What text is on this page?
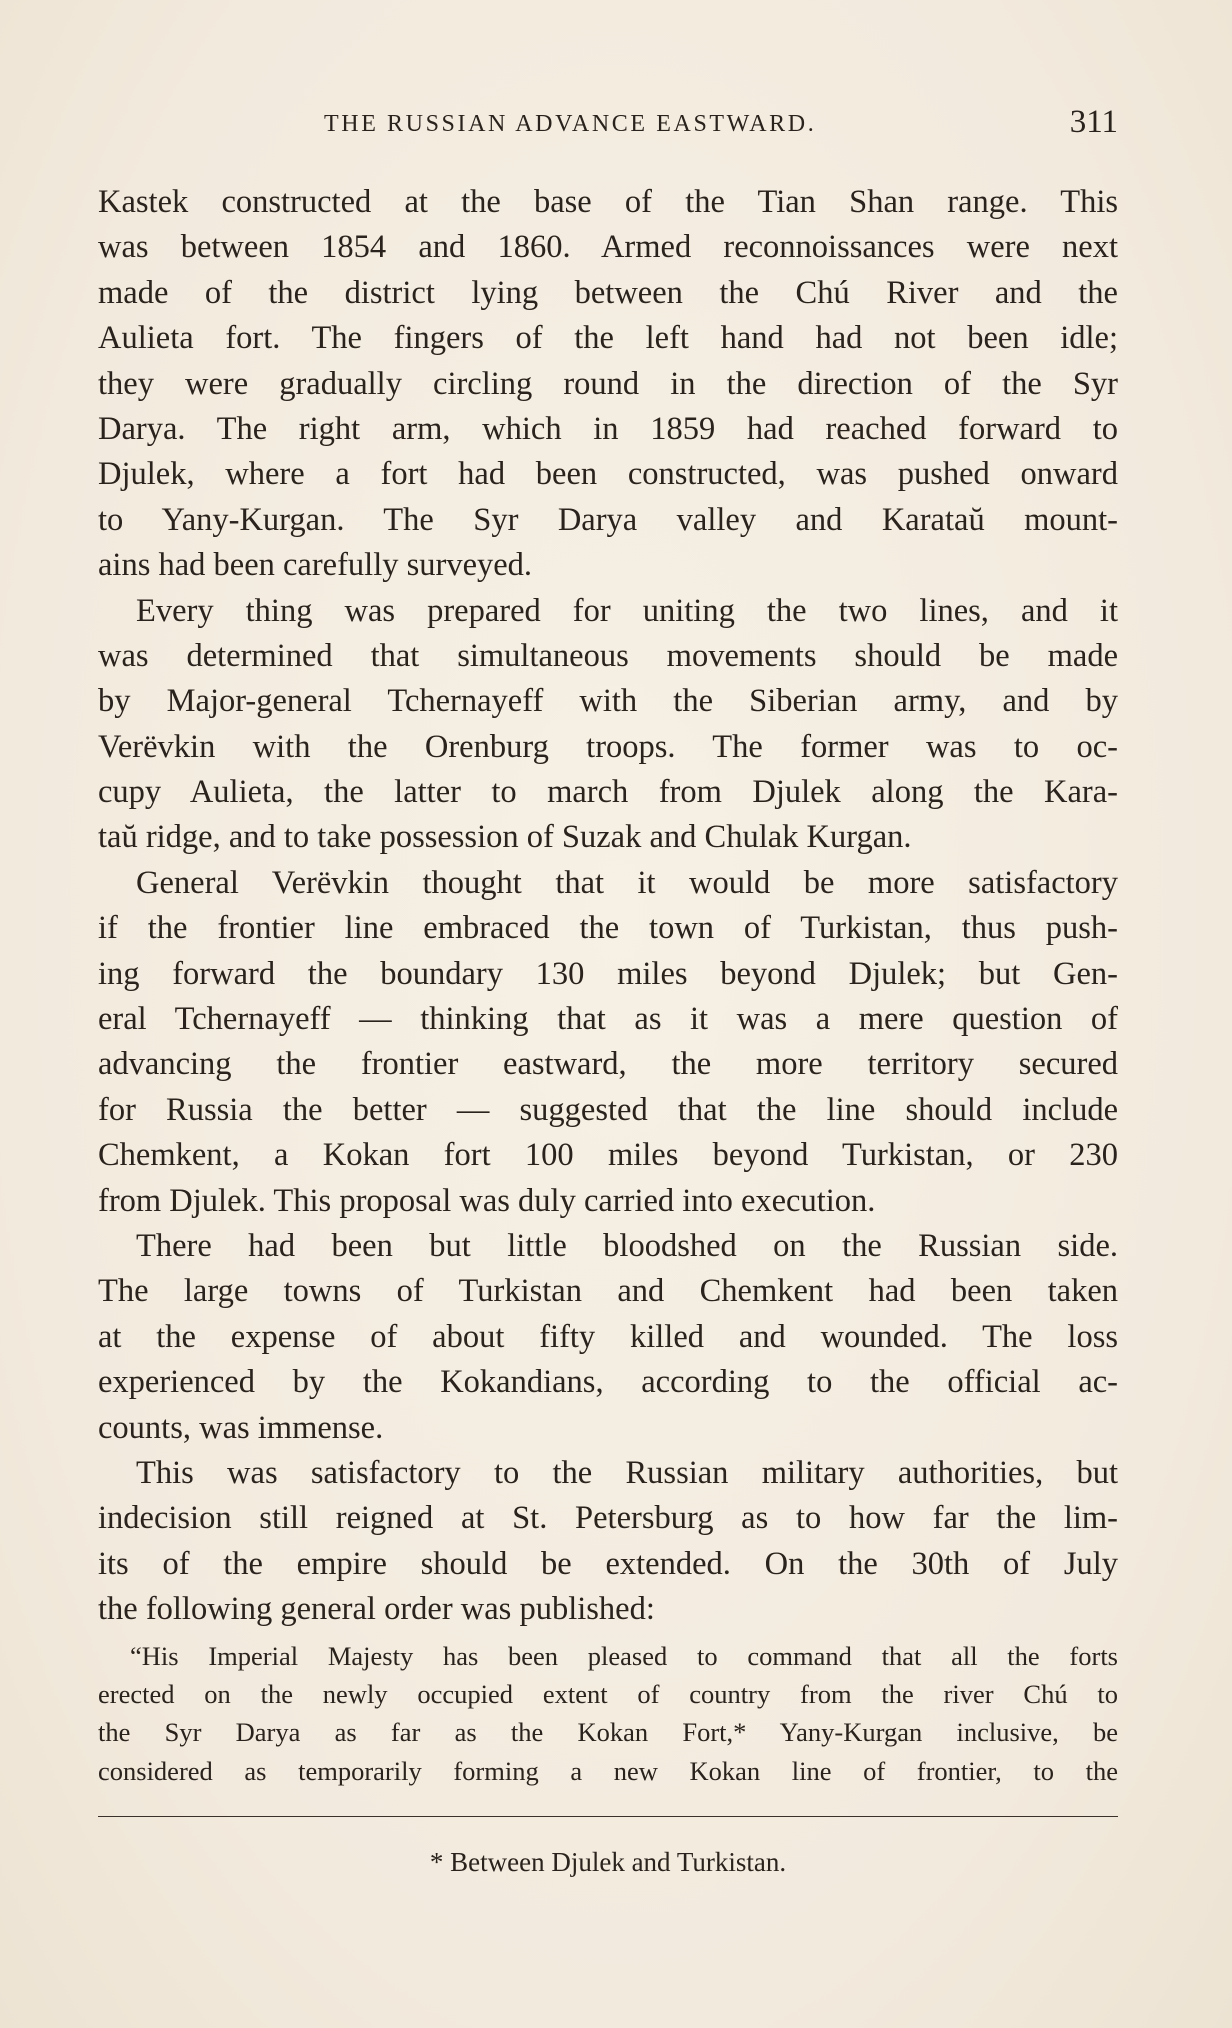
THE RUSSIAN ADVANCE EASTWARD.	311
Kastek constructed at the base of the Tian Shan range. This
was between 1854 and 1860. Armed reconnoissances were next
made of the district lying between the Chú River and the
Aulieta fort. The fingers of the left hand had not been idle;
they were gradually circling round in the direction of the Syr
Darya. The right arm, which in 1859 had reached forward to
Djulek, where a fort had been constructed, was pushed onward
to Yany-Kurgan. The Syr Darya valley and Karataŭ mount-
ains had been carefully surveyed.
Every thing was prepared for uniting the two lines, and it
was determined that simultaneous movements should be made
by Major-general Tchernayeff with the Siberian army, and by
Verëvkin with the Orenburg troops. The former was to oc-
cupy Aulieta, the latter to march from Djulek along the Kara-
taŭ ridge, and to take possession of Suzak and Chulak Kurgan.
General Verëvkin thought that it would be more satisfactory
if the frontier line embraced the town of Turkistan, thus push-
ing forward the boundary 130 miles beyond Djulek; but Gen-
eral Tchernayeff — thinking that as it was a mere question of
advancing the frontier eastward, the more territory secured
for Russia the better — suggested that the line should include
Chemkent, a Kokan fort 100 miles beyond Turkistan, or 230
from Djulek. This proposal was duly carried into execution.
There had been but little bloodshed on the Russian side.
The large towns of Turkistan and Chemkent had been taken
at the expense of about fifty killed and wounded. The loss
experienced by the Kokandians, according to the official ac-
counts, was immense.
This was satisfactory to the Russian military authorities, but
indecision still reigned at St. Petersburg as to how far the lim-
its of the empire should be extended. On the 30th of July
the following general order was published:
“His Imperial Majesty has been pleased to command that all the forts
erected on the newly occupied extent of country from the river Chú to
the Syr Darya as far as the Kokan Fort,* Yany-Kurgan inclusive, be
considered as temporarily forming a new Kokan line of frontier, to the
* Between Djulek and Turkistan.
